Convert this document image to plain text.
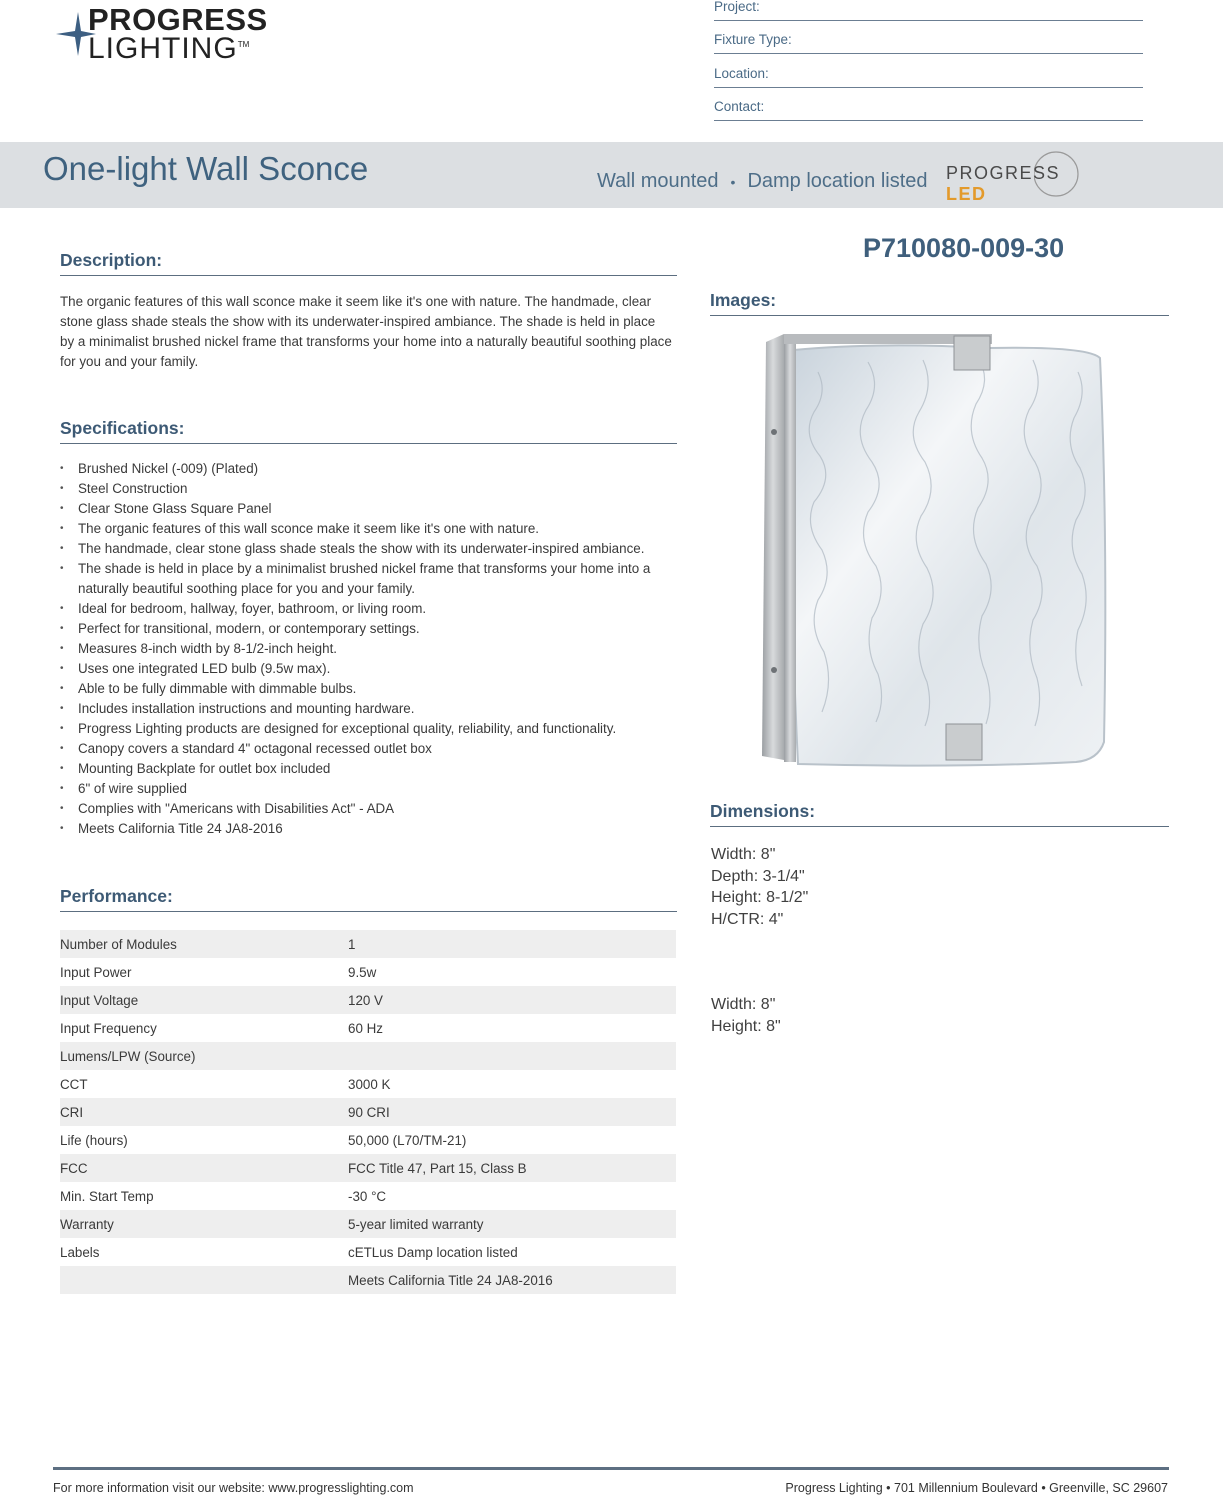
PROGRESS
LIGHTING™
Project:
Fixture Type:
Location:
Contact:
One-light Wall Sconce	Wall mounted • Damp location listed PROGRESS LED
Description:
The organic features of this wall sconce make it seem like it's one with nature. The handmade, clear stone glass shade steals the show with its underwater-inspired ambiance. The shade is held in place by a minimalist brushed nickel frame that transforms your home into a naturally beautiful soothing place for you and your family.
Specifications:
• Brushed Nickel (-009) (Plated)
• Steel Construction
• Clear Stone Glass Square Panel
• The organic features of this wall sconce make it seem like it's one with nature.
• The handmade, clear stone glass shade steals the show with its underwater-inspired ambiance.
• The shade is held in place by a minimalist brushed nickel frame that transforms your home into a naturally beautiful soothing place for you and your family.
• Ideal for bedroom, hallway, foyer, bathroom, or living room.
• Perfect for transitional, modern, or contemporary settings.
• Measures 8-inch width by 8-1/2-inch height.
• Uses one integrated LED bulb (9.5w max).
• Able to be fully dimmable with dimmable bulbs.
• Includes installation instructions and mounting hardware.
• Progress Lighting products are designed for exceptional quality, reliability, and functionality.
• Canopy covers a standard 4" octagonal recessed outlet box
• Mounting Backplate for outlet box included
• 6" of wire supplied
• Complies with "Americans with Disabilities Act" - ADA
• Meets California Title 24 JA8-2016
Performance:
Number of Modules	1
Input Power	9.5w
Input Voltage	120 V
Input Frequency	60 Hz
Lumens/LPW (Source)	
CCT	3000 K
CRI	90 CRI
Life (hours)	50,000 (L70/TM-21)
FCC	FCC Title 47, Part 15, Class B
Min. Start Temp	-30 °C
Warranty	5-year limited warranty
Labels	cETLus Damp location listed
	Meets California Title 24 JA8-2016
P710080-009-30
Images:
Dimensions:
Width: 8"
Depth: 3-1/4"
Height: 8-1/2"
H/CTR: 4"
Width: 8"
Height: 8"
For more information visit our website: www.progresslighting.com	Progress Lighting • 701 Millennium Boulevard • Greenville, SC 29607
